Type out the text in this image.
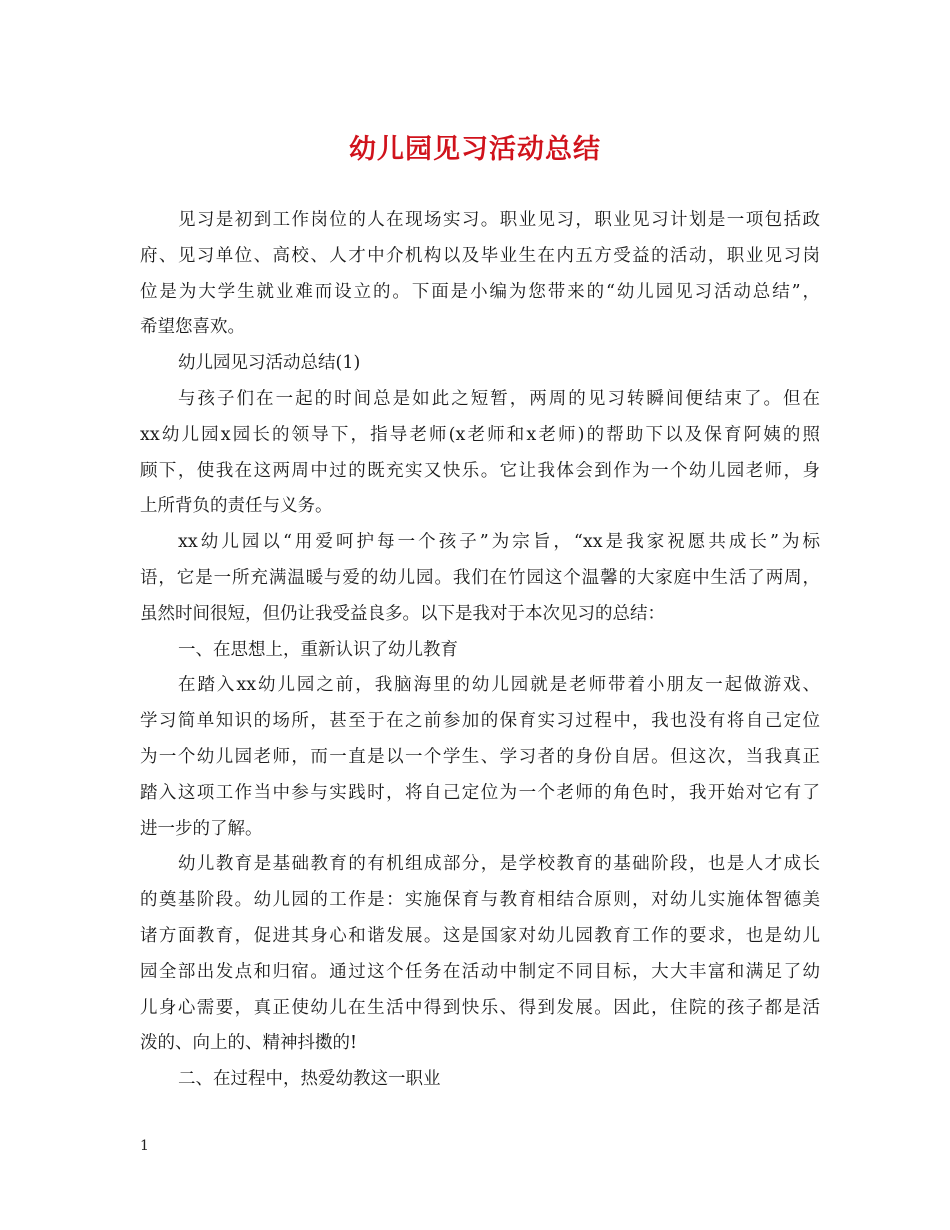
幼儿园见习活动总结
见习是初到工作岗位的人在现场实习。职业见习，职业见习计划是一项包括政
府、见习单位、高校、人才中介机构以及毕业生在内五方受益的活动，职业见习岗
位是为大学生就业难而设立的。下面是小编为您带来的“幼儿园见习活动总结”，
希望您喜欢。
幼儿园见习活动总结(1)
与孩子们在一起的时间总是如此之短暂，两周的见习转瞬间便结束了。但在
xx幼儿园x园长的领导下，指导老师(x老师和x老师)的帮助下以及保育阿姨的照
顾下，使我在这两周中过的既充实又快乐。它让我体会到作为一个幼儿园老师，身
上所背负的责任与义务。
xx幼儿园以“用爱呵护每一个孩子”为宗旨，“xx是我家祝愿共成长”为标
语，它是一所充满温暖与爱的幼儿园。我们在竹园这个温馨的大家庭中生活了两周，
虽然时间很短，但仍让我受益良多。以下是我对于本次见习的总结：
一、在思想上，重新认识了幼儿教育
在踏入xx幼儿园之前，我脑海里的幼儿园就是老师带着小朋友一起做游戏、
学习简单知识的场所，甚至于在之前参加的保育实习过程中，我也没有将自己定位
为一个幼儿园老师，而一直是以一个学生、学习者的身份自居。但这次，当我真正
踏入这项工作当中参与实践时，将自己定位为一个老师的角色时，我开始对它有了
进一步的了解。
幼儿教育是基础教育的有机组成部分，是学校教育的基础阶段，也是人才成长
的奠基阶段。幼儿园的工作是：实施保育与教育相结合原则，对幼儿实施体智德美
诸方面教育，促进其身心和谐发展。这是国家对幼儿园教育工作的要求，也是幼儿
园全部出发点和归宿。通过这个任务在活动中制定不同目标，大大丰富和满足了幼
儿身心需要，真正使幼儿在生活中得到快乐、得到发展。因此，住院的孩子都是活
泼的、向上的、精神抖擞的!
二、在过程中，热爱幼教这一职业
1
